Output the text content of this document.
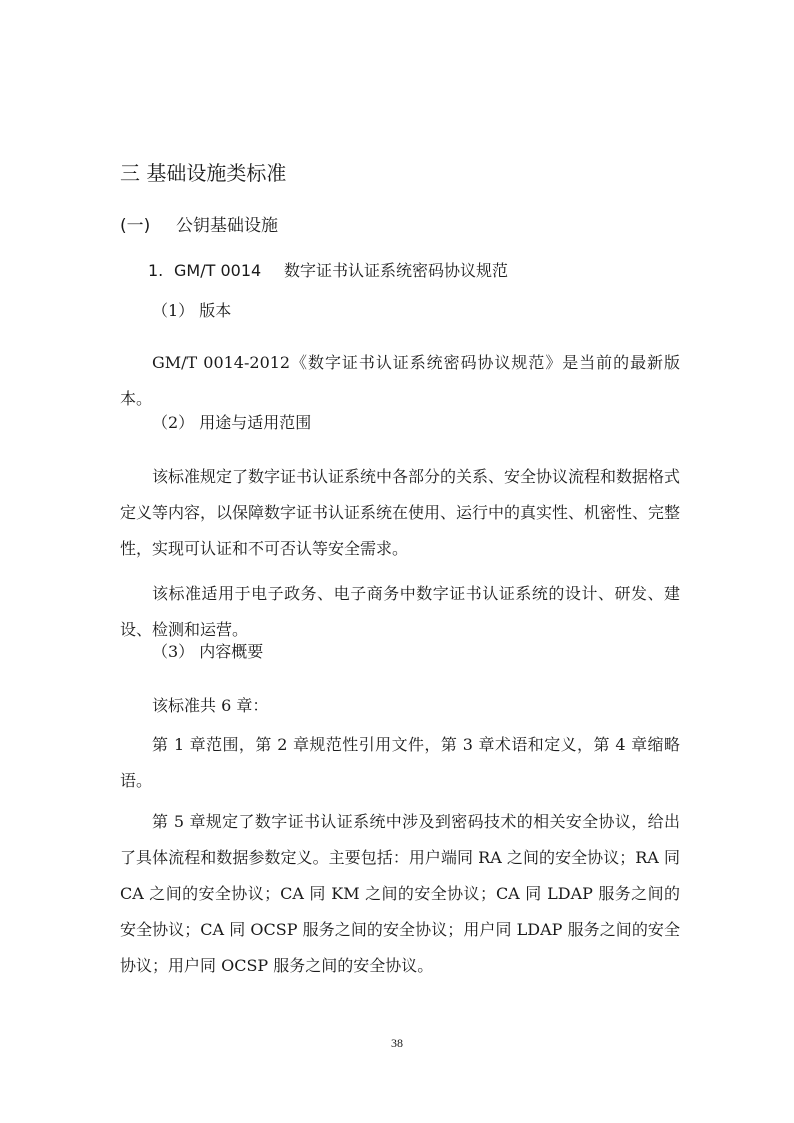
三 基础设施类标准
(一) 公钥基础设施
1. GM/T 0014 数字证书认证系统密码协议规范
（1） 版本

GM/T 0014-2012《数字证书认证系统密码协议规范》是当前的最新版本。

（2） 用途与适用范围

该标准规定了数字证书认证系统中各部分的关系、安全协议流程和数据格式定义等内容，以保障数字证书认证系统在使用、运行中的真实性、机密性、完整性，实现可认证和不可否认等安全需求。

该标准适用于电子政务、电子商务中数字证书认证系统的设计、研发、建设、检测和运营。

（3） 内容概要

该标准共 6 章：

第 1 章范围，第 2 章规范性引用文件，第 3 章术语和定义，第 4 章缩略语。

第 5 章规定了数字证书认证系统中涉及到密码技术的相关安全协议，给出了具体流程和数据参数定义。主要包括：用户端同 RA 之间的安全协议；RA 同 CA 之间的安全协议；CA 同 KM 之间的安全协议；CA 同 LDAP 服务之间的安全协议；CA 同 OCSP 服务之间的安全协议；用户同 LDAP 服务之间的安全协议；用户同 OCSP 服务之间的安全协议。

38
